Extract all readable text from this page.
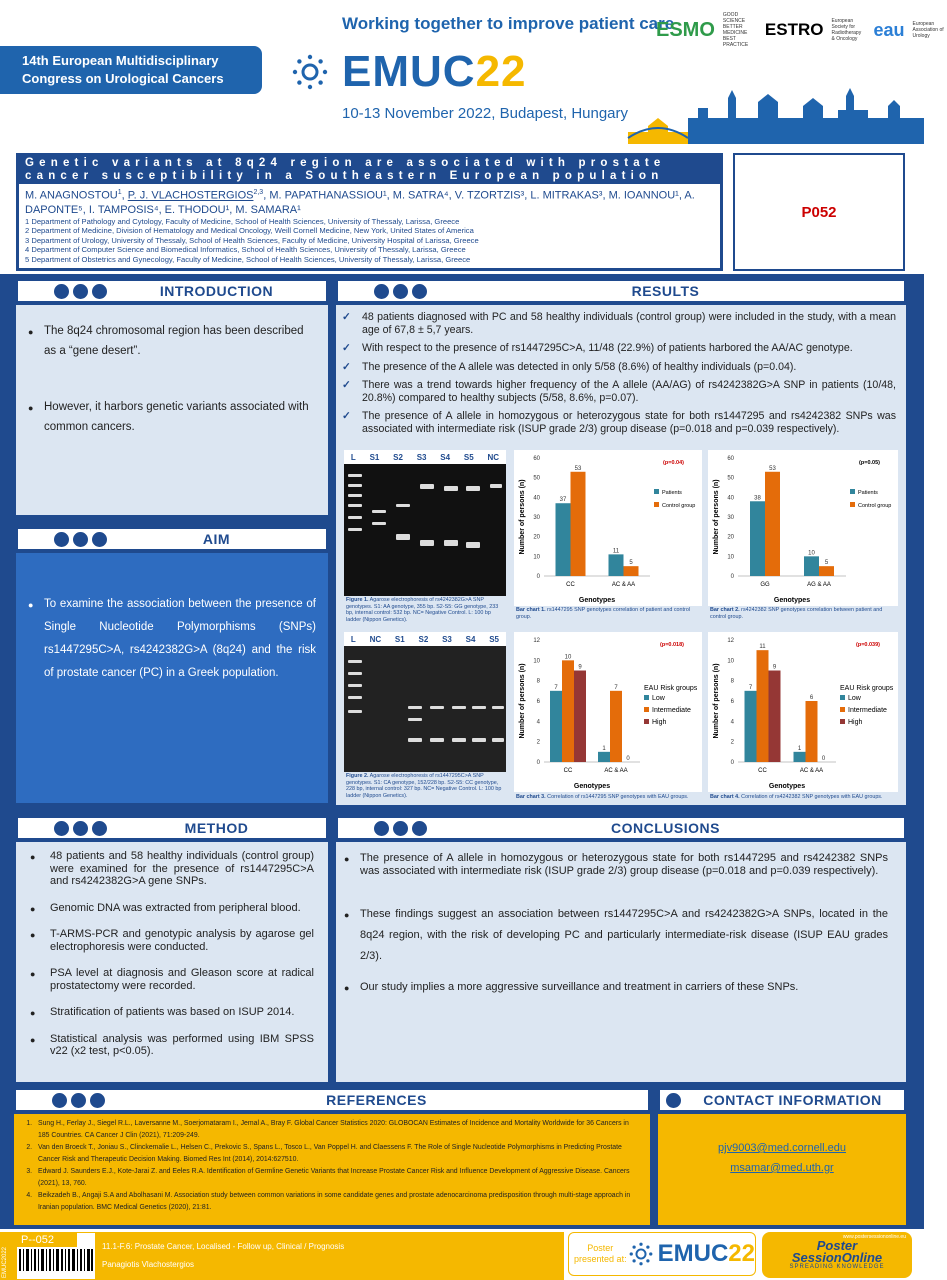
14th European Multidisciplinary
Congress on Urological Cancers
Working together to improve patient care
EMUC 22
10-13 November 2022, Budapest, Hungary
ESMO
GOOD SCIENCE BETTER MEDICINE BEST PRACTICE
ESTRO European Society for Radiotherapy & Oncology eau European Association of Urology
Genetic variants at 8q24 region are associated with prostate
cancer susceptibility in a Southeastern European population
M. ANAGNOSTOU$^1$, P. J. VLACHOSTERGIOS$^{2,3}$, M. PAPATHANASSIOU¹, M. SATRA⁴, V. TZORTZIS³, L. MITRAKAS³, M. IOANNOU¹, A. DAPONTE⁵, I. TAMPOSIS⁴, E. THODOU¹, M. SAMARA¹
1 Department of Pathology and Cytology, Faculty of Medicine, School of Health Sciences, University of Thessaly, Larissa, Greece
2 Department of Medicine, Division of Hematology and Medical Oncology, Weill Cornell Medicine, New York, United States of America
3 Department of Urology, University of Thessaly, School of Health Sciences, Faculty of Medicine, University Hospital of Larissa, Greece
4 Department of Computer Science and Biomedical Informatics, School of Health Sciences, University of Thessaly, Larissa, Greece
5 Department of Obstetrics and Gynecology, Faculty of Medicine, School of Health Sciences, University of Thessaly, Larissa, Greece
P052
INTRODUCTION
● The 8q24 chromosomal region has been described as a “gene desert”.
● However, it harbors genetic variants associated with common cancers.
AIM
● To examine the association between the presence of Single Nucleotide Polymorphisms (SNPs) rs1447295C>A, rs4242382G>A (8q24) and the risk of prostate cancer (PC) in a Greek population.
METHOD
● 48 patients and 58 healthy individuals (control group) were examined for the presence of rs1447295C>A and rs4242382G>A gene SNPs.
● Genomic DNA was extracted from peripheral blood.
● T-ARMS-PCR and genotypic analysis by agarose gel electrophoresis were conducted.
● PSA level at diagnosis and Gleason score at radical prostatectomy were recorded.
● Stratification of patients was based on ISUP 2014.
● Statistical analysis was performed using IBM SPSS v22 (x2 test, p<0.05).
RESULTS
✓ 48 patients diagnosed with PC and 58 healthy individuals (control group) were included in the study, with a mean age of 67,8 ± 5,7 years.
✓ With respect to the presence of rs1447295C>A, 11/48 (22.9%) of patients harbored the AA/AC genotype.
✓ The presence of the A allele was detected in only 5/58 (8.6%) of healthy individuals (p=0.04).
✓ There was a trend towards higher frequency of the A allele (AA/AG) of rs4242382G>A SNP in patients (10/48, 20.8%) compared to healthy subjects (5/58, 8.6%, p=0.07).
✓ The presence of A allele in homozygous or heterozygous state for both rs1447295 and rs4242382 SNPs was associated with intermediate risk (ISUP grade 2/3) group disease (p=0.018 and p=0.039 respectively).
L S1 S2 S3 S4 S5 NC
Figure 1. Agarose electrophoresis of rs4242382G>A SNP genotypes. S1: AA genotype, 355 bp. S2-S5: GG genotype, 233 bp, internal control: 532 bp. NC= Negative Control. L: 100 bp ladder (Nippon Genetics).
L NC S1 S2 S3 S4 S5
Figure 2. Agarose electrophoresis of rs1447295C>A SNP genotypes. S1: CA genotype, 152/228 bp. S2-S5: CC genotype, 228 bp, internal control: 327 bp. NC= Negative Control. L: 100 bp ladder (Nippon Genetics).
0
10
20
30
40
50
60
Number of persons (n)
Genotypes
CC
37
53
AC & AA
11
5
Patients
Control group
(p=0.04)
Bar chart 1. rs1447295 SNP genotypes correlation of patient and control group.
0
10
20
30
40
50
60
Number of persons (n)
Genotypes
GG
38
53
AG & AA
10
5
Patients
Control group
(p=0.05)
Bar chart 2. rs4242382 SNP genotypes correlation between patient and control group.
0
2
4
6
8
10
12
Number of persons (n)
Genotypes
CC
7
10
9
AC & AA
1
7
0
EAU Risk groups
Low
Intermediate
High
(p=0.018)
Bar chart 3. Correlation of rs1447295 SNP genotypes with EAU groups.
0
2
4
6
8
10
12
Number of persons (n)
Genotypes
CC
7
11
9
AC & AA
1
6
0
EAU Risk groups
Low
Intermediate
High
(p=0.039)
Bar chart 4. Correlation of rs4242382 SNP genotypes with EAU groups.
CONCLUSIONS
● The presence of A allele in homozygous or heterozygous state for both rs1447295 and rs4242382 SNPs was associated with intermediate risk (ISUP grade 2/3) group disease (p=0.018 and p=0.039 respectively).
● These findings suggest an association between rs1447295C>A and rs4242382G>A SNPs, located in the 8q24 region, with the risk of developing PC and particularly intermediate-risk disease (ISUP EAU grades 2/3).
● Our study implies a more aggressive surveillance and treatment in carriers of these SNPs.
REFERENCES
1. Sung H., Ferlay J., Siegel R.L., Laversanne M., Soerjomataram I., Jemal A., Bray F. Global Cancer Statistics 2020: GLOBOCAN Estimates of Incidence and Mortality Worldwide for 36 Cancers in 185 Countries. CA Cancer J Clin (2021), 71:209-249.
2. Van den Broeck T., Joniau S., Clinckemalie L., Helsen C., Prekovic S., Spans L., Tosco L., Van Poppel H. and Claessens F. The Role of Single Nucleotide Polymorphisms in Predicting Prostate Cancer Risk and Therapeutic Decision Making. Biomed Res Int (2014), 2014:627510.
3. Edward J. Saunders E.J., Kote-Jarai Z. and Eeles R.A. Identification of Germline Genetic Variants that Increase Prostate Cancer Risk and Influence Development of Aggressive Disease. Cancers (2021), 13, 760.
4. Beikzadeh B., Angaji S.A and Abolhasani M. Association study between common variations in some candidate genes and prostate adenocarcinoma predisposition through multi-stage approach in Iranian population. BMC Medical Genetics (2020), 21:81.
CONTACT INFORMATION
pjv9003@med.cornell.edu
msamar@med.uth.gr
EMUC2022
P--052
11.1-F.6: Prostate Cancer, Localised - Follow up, Clinical / Prognosis
Panagiotis Vlachostergios
Poster
presented at: EMUC 22
www.postersessiononline.eu
Poster
SessionOnline
SPREADING KNOWLEDGE
